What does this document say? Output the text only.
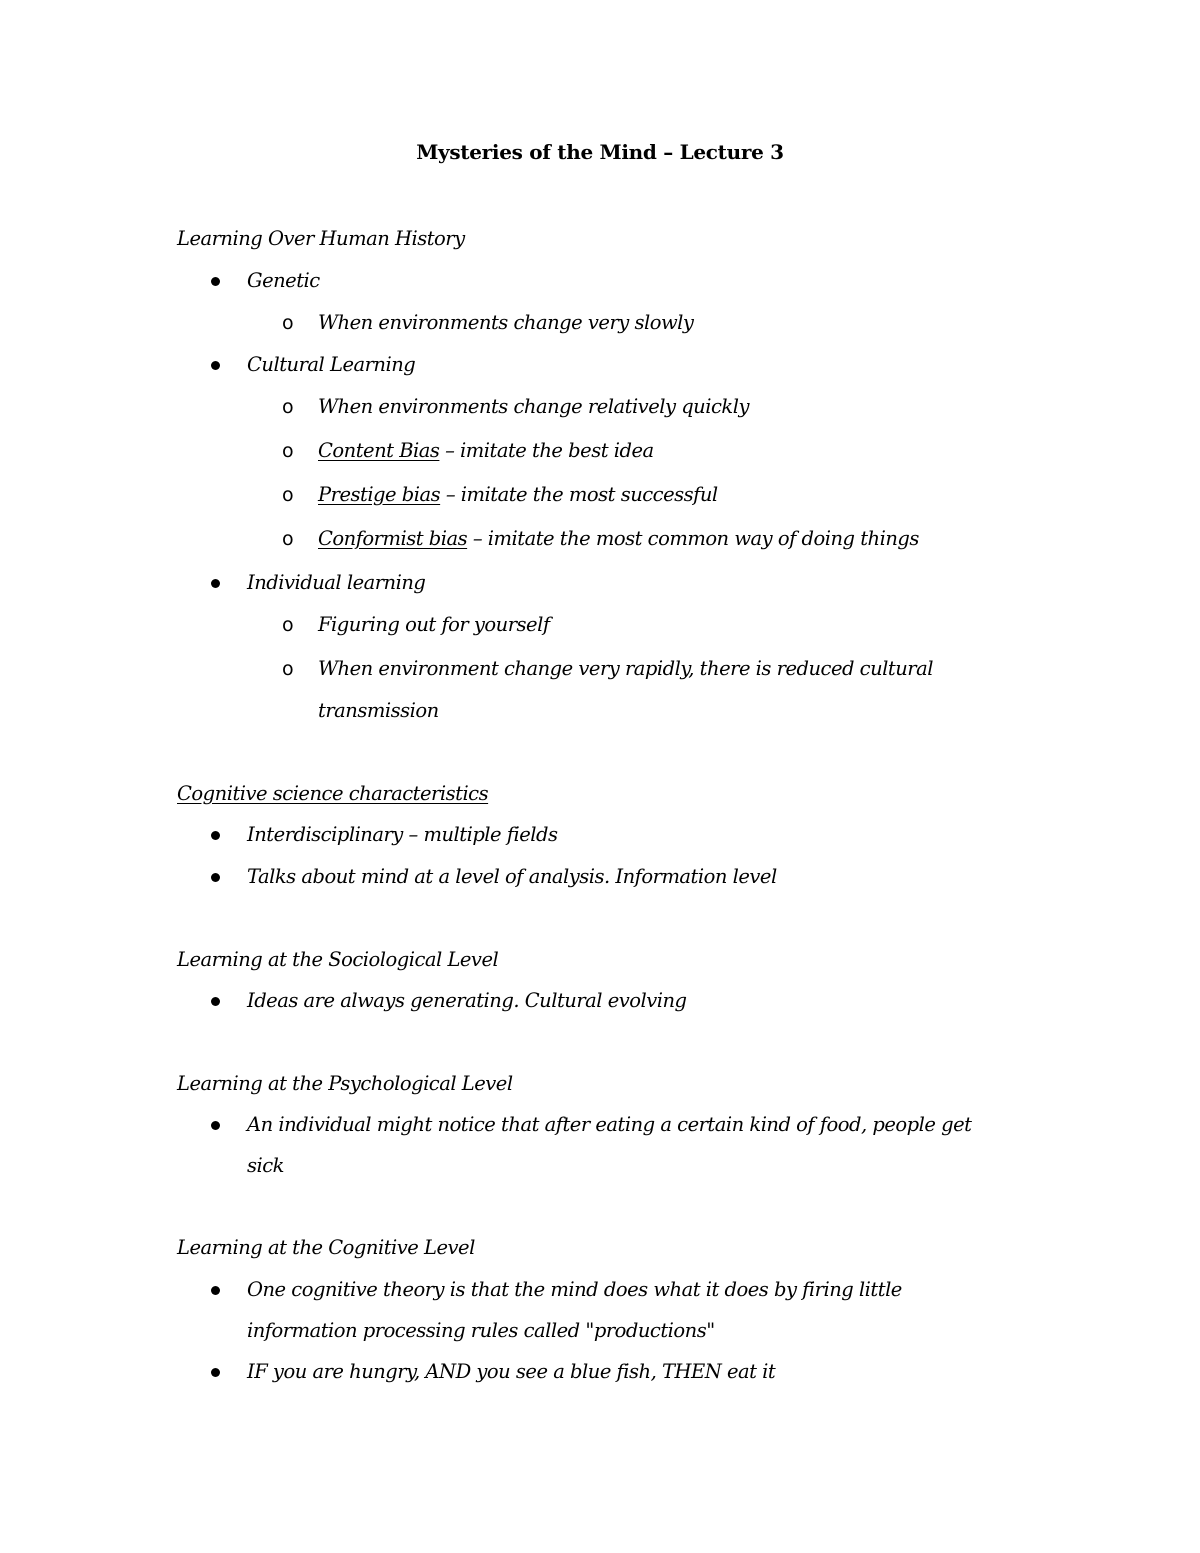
Mysteries of the Mind – Lecture 3
Learning Over Human History
Genetic
o When environments change very slowly
Cultural Learning
o When environments change relatively quickly
o Content Bias – imitate the best idea
o Prestige bias – imitate the most successful
o Conformist bias – imitate the most common way of doing things
Individual learning
o Figuring out for yourself
o When environment change very rapidly, there is reduced cultural
transmission
Cognitive science characteristics
Interdisciplinary – multiple fields
Talks about mind at a level of analysis. Information level
Learning at the Sociological Level
Ideas are always generating. Cultural evolving
Learning at the Psychological Level
An individual might notice that after eating a certain kind of food, people get
sick
Learning at the Cognitive Level
One cognitive theory is that the mind does what it does by firing little
information processing rules called "productions"
IF you are hungry, AND you see a blue fish, THEN eat it
